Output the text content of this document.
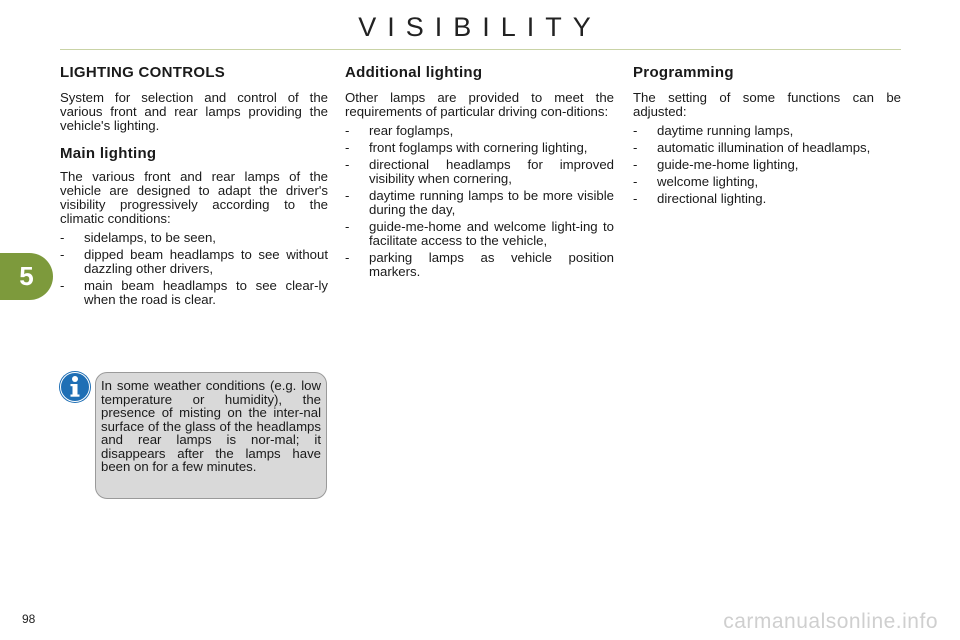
VISIBILITY
5
LIGHTING CONTROLS

System for selection and control of the various front and rear lamps providing the vehicle's lighting.

Main lighting

The various front and rear lamps of the vehicle are designed to adapt the driver's visibility progressively according to the climatic conditions:

- sidelamps, to be seen,
- dipped beam headlamps to see without dazzling other drivers,
- main beam headlamps to see clear-ly when the road is clear.
Additional lighting

Other lamps are provided to meet the requirements of particular driving con-ditions:

- rear foglamps,
- front foglamps with cornering lighting,
- directional headlamps for improved visibility when cornering,
- daytime running lamps to be more visible during the day,
- guide-me-home and welcome light-ing to facilitate access to the vehicle,
- parking lamps as vehicle position markers.
Programming

The setting of some functions can be adjusted:

- daytime running lamps,
- automatic illumination of headlamps,
- guide-me-home lighting,
- welcome lighting,
- directional lighting.
In some weather conditions (e.g. low temperature or humidity), the presence of misting on the inter-nal surface of the glass of the headlamps and rear lamps is nor-mal; it disappears after the lamps have been on for a few minutes.
98	carmanualsonline.info
